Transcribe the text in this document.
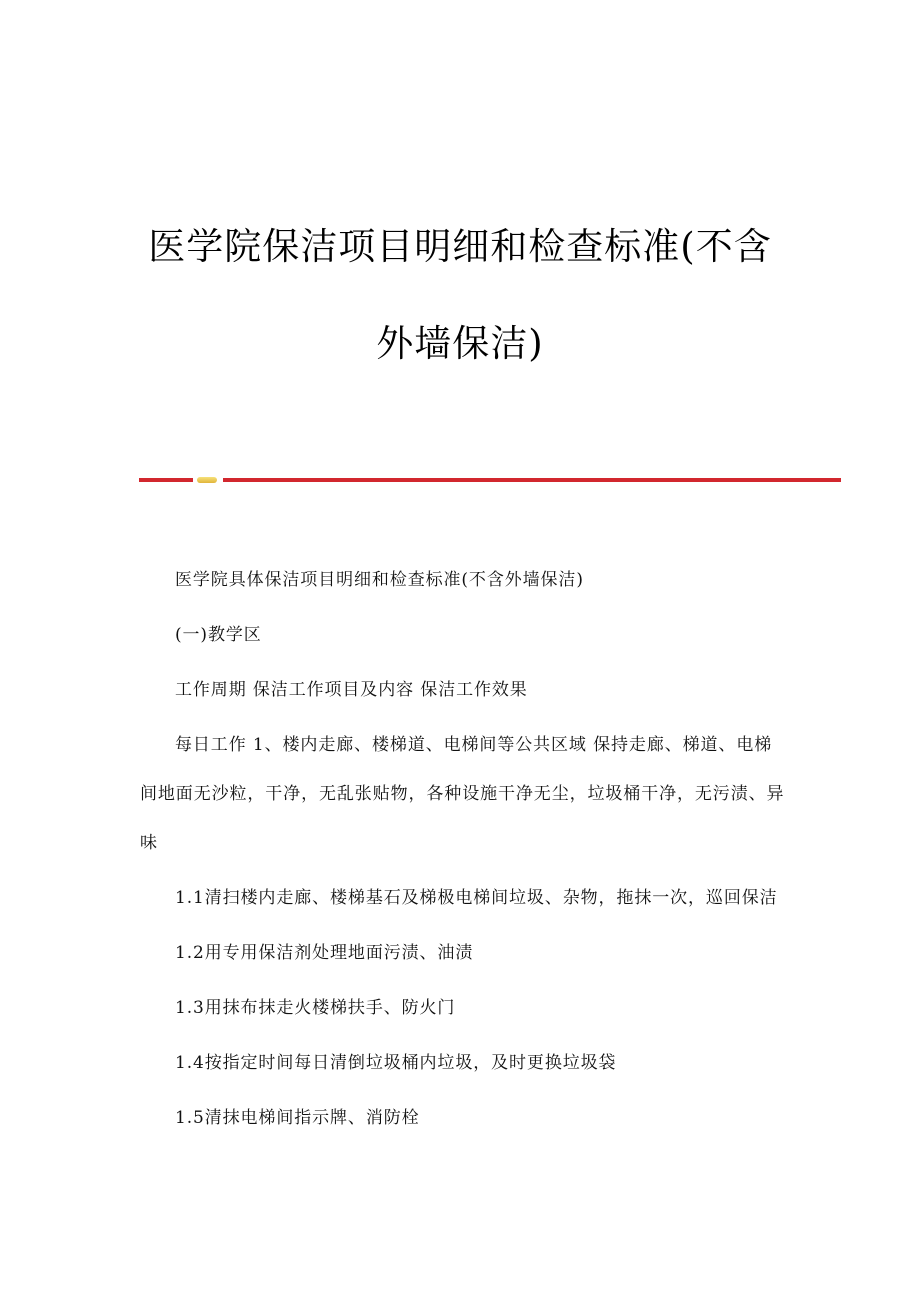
医学院保洁项目明细和检查标准(不含
外墙保洁)

医学院具体保洁项目明细和检查标准(不含外墙保洁)

(一)教学区

工作周期 保洁工作项目及内容 保洁工作效果

每日工作 1、楼内走廊、楼梯道、电梯间等公共区域 保持走廊、梯道、电梯间地面无沙粒，干净，无乱张贴物，各种设施干净无尘，垃圾桶干净，无污渍、异味

1.1清扫楼内走廊、楼梯基石及梯极电梯间垃圾、杂物，拖抹一次，巡回保洁

1.2用专用保洁剂处理地面污渍、油渍

1.3用抹布抹走火楼梯扶手、防火门

1.4按指定时间每日清倒垃圾桶内垃圾，及时更换垃圾袋

1.5清抹电梯间指示牌、消防栓
